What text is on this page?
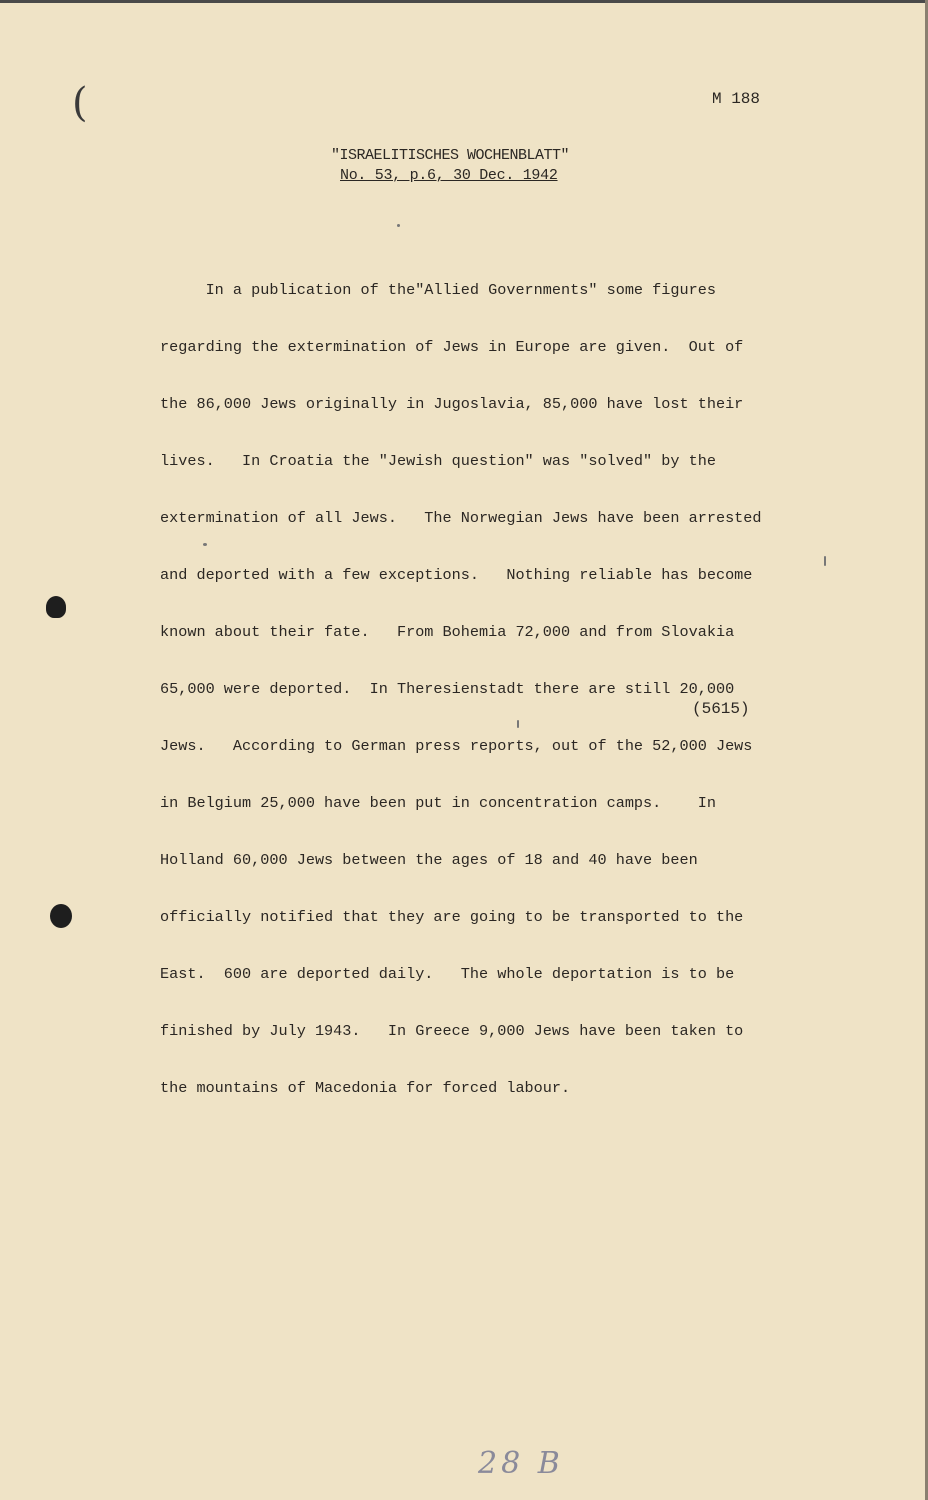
(	M 188
"ISRAELITISCHES WOCHENBLATT"
No. 53, p.6, 30 Dec. 1942

In a publication of the"Allied Governments" some figures

regarding the extermination of Jews in Europe are given.  Out of

the 86,000 Jews originally in Jugoslavia, 85,000 have lost their

lives.   In Croatia the "Jewish question" was "solved" by the

extermination of all Jews.   The Norwegian Jews have been arrested

and deported with a few exceptions.   Nothing reliable has become

known about their fate.   From Bohemia 72,000 and from Slovakia

65,000 were deported.  In Theresienstadt there are still 20,000

Jews.   According to German press reports, out of the 52,000 Jews

in Belgium 25,000 have been put in concentration camps.    In

Holland 60,000 Jews between the ages of 18 and 40 have been

officially notified that they are going to be transported to the

East.  600 are deported daily.   The whole deportation is to be

finished by July 1943.   In Greece 9,000 Jews have been taken to

the mountains of Macedonia for forced labour.

(5615)
28 B
